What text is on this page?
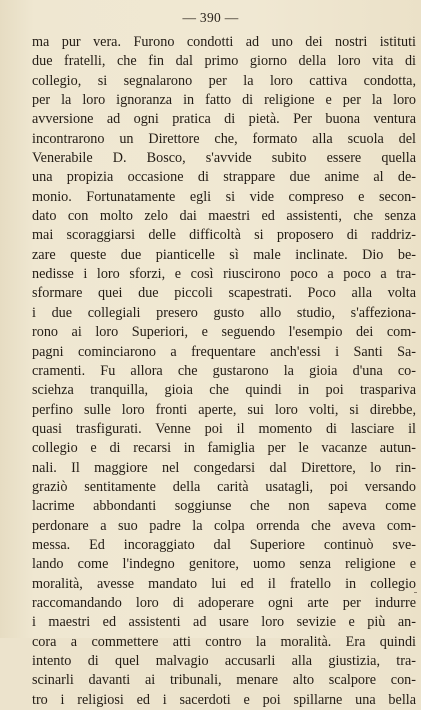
— 390 —
ma pur vera. Furono condotti ad uno dei nostri istituti
due fratelli, che fin dal primo giorno della loro vita di
collegio, si segnalarono per la loro cattiva condotta,
per la loro ignoranza in fatto di religione e per la loro
avversione ad ogni pratica di pietà. Per buona ventura
incontrarono un Direttore che, formato alla scuola del
Venerabile D. Bosco, s'avvide subito essere quella
una propizia occasione di strappare due anime al de-
monio. Fortunatamente egli si vide compreso e secon-
dato con molto zelo dai maestri ed assistenti, che senza
mai scoraggiarsi delle difficoltà si proposero di raddriz-
zare queste due pianticelle sì male inclinate. Dio be-
nedisse i loro sforzi, e così riuscirono poco a poco a tra-
sformare quei due piccoli scapestrati. Poco alla volta
i due collegiali presero gusto allo studio, s'affeziona-
rono ai loro Superiori, e seguendo l'esempio dei com-
pagni cominciarono a frequentare anch'essi i Santi Sa-
cramenti. Fu allora che gustarono la gioia d'una co-
sciehza tranquilla, gioia che quindi in poi traspariva
perfino sulle loro fronti aperte, sui loro volti, si direbbe,
quasi trasfigurati. Venne poi il momento di lasciare il
collegio e di recarsi in famiglia per le vacanze autun-
nali. Il maggiore nel congedarsi dal Direttore, lo rin-
graziò sentitamente della carità usatagli, poi versando
lacrime abbondanti soggiunse che non sapeva come
perdonare a suo padre la colpa orrenda che aveva com-
messa. Ed incoraggiato dal Superiore continuò sve-
lando come l'indegno genitore, uomo senza religione e
moralità, avesse mandato lui ed il fratello in collegio
raccomandando loro di adoperare ogni arte per indurre
i maestri ed assistenti ad usare loro sevizie e più an-
cora a commettere atti contro la moralità. Era quindi
intento di quel malvagio accusarli alla giustizia, tra-
scinarli davanti ai tribunali, menare alto scalpore con-
tro i religiosi ed i sacerdoti e poi spillarne una bella
